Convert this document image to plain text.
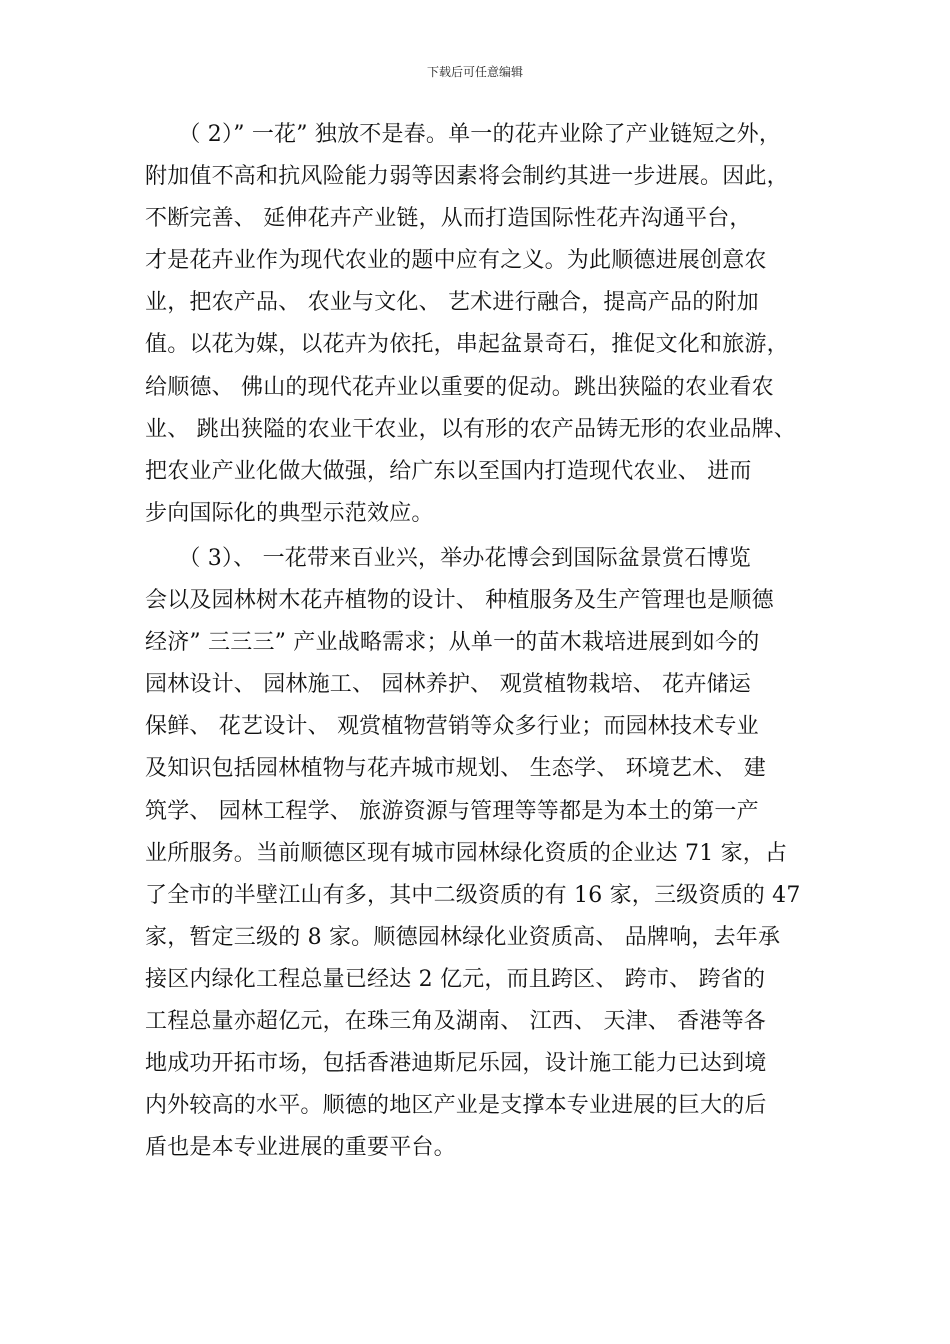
下载后可任意编辑

　　（ 2）” 一花” 独放不是春。单一的花卉业除了产业链短之外，
附加值不高和抗风险能力弱等因素将会制约其进一步进展。因此，
不断完善、 延伸花卉产业链，从而打造国际性花卉沟通平台，
才是花卉业作为现代农业的题中应有之义。为此顺德进展创意农
业，把农产品、 农业与文化、 艺术进行融合，提高产品的附加
值。以花为媒，以花卉为依托，串起盆景奇石，推促文化和旅游，
给顺德、 佛山的现代花卉业以重要的促动。跳出狭隘的农业看农
业、 跳出狭隘的农业干农业，以有形的农产品铸无形的农业品牌、
把农业产业化做大做强，给广东以至国内打造现代农业、 进而
步向国际化的典型示范效应。

　　（ 3）、 一花带来百业兴，举办花博会到国际盆景赏石博览
会以及园林树木花卉植物的设计、 种植服务及生产管理也是顺德
经济” 三三三” 产业战略需求；从单一的苗木栽培进展到如今的
园林设计、 园林施工、 园林养护、 观赏植物栽培、 花卉储运
保鲜、 花艺设计、 观赏植物营销等众多行业；而园林技术专业
及知识包括园林植物与花卉城市规划、 生态学、 环境艺术、 建
筑学、 园林工程学、 旅游资源与管理等等都是为本土的第一产
业所服务。当前顺德区现有城市园林绿化资质的企业达 71 家，占
了全市的半壁江山有多，其中二级资质的有 16 家，三级资质的 47
家，暂定三级的 8 家。顺德园林绿化业资质高、 品牌响，去年承
接区内绿化工程总量已经达 2 亿元，而且跨区、 跨市、 跨省的
工程总量亦超亿元，在珠三角及湖南、 江西、 天津、 香港等各
地成功开拓市场，包括香港迪斯尼乐园，设计施工能力已达到境
内外较高的水平。顺德的地区产业是支撑本专业进展的巨大的后
盾也是本专业进展的重要平台。
